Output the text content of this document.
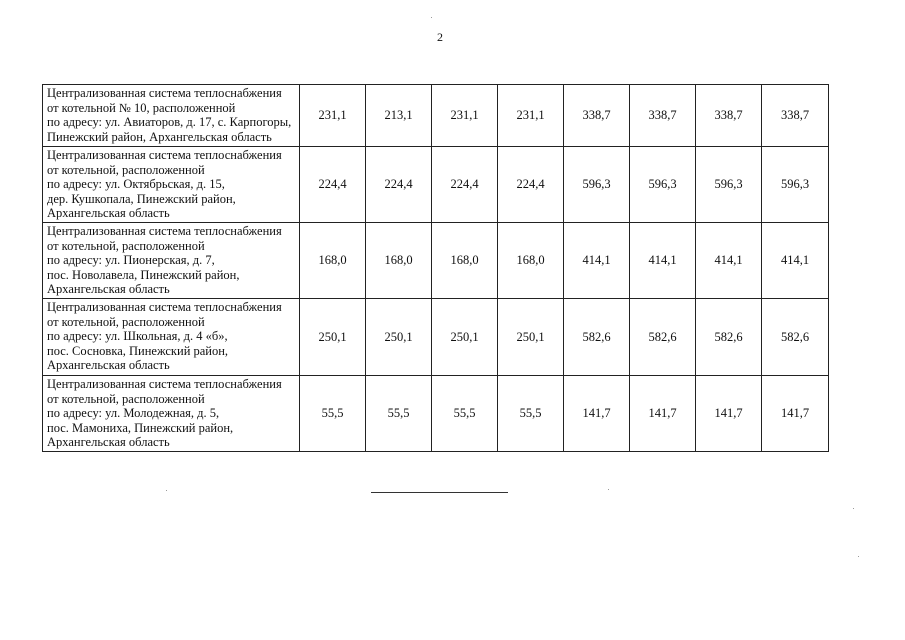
2
Централизованная система теплоснабжения
от котельной № 10, расположенной
по адресу: ул. Авиаторов, д. 17, с. Карпогоры,
Пинежский район, Архангельская область	231,1	213,1	231,1	231,1	338,7	338,7	338,7	338,7

Централизованная система теплоснабжения
от котельной, расположенной
по адресу: ул. Октябрьская, д. 15,
дер. Кушкопала, Пинежский район,
Архангельская область	224,4	224,4	224,4	224,4	596,3	596,3	596,3	596,3

Централизованная система теплоснабжения
от котельной, расположенной
по адресу: ул. Пионерская, д. 7,
пос. Новолавела, Пинежский район,
Архангельская область	168,0	168,0	168,0	168,0	414,1	414,1	414,1	414,1

Централизованная система теплоснабжения
от котельной, расположенной
по адресу: ул. Школьная, д. 4 «б»,
пос. Сосновка, Пинежский район,
Архангельская область	250,1	250,1	250,1	250,1	582,6	582,6	582,6	582,6

Централизованная система теплоснабжения
от котельной, расположенной
по адресу: ул. Молодежная, д. 5,
пос. Мамониха, Пинежский район,
Архангельская область	55,5	55,5	55,5	55,5	141,7	141,7	141,7	141,7
